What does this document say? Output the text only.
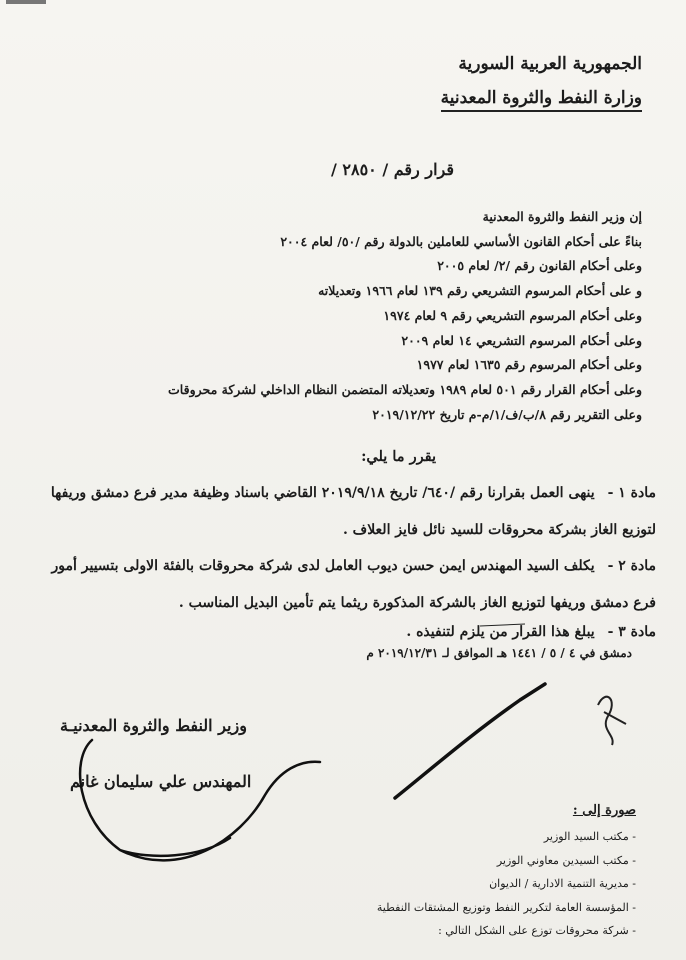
الجمهورية العربية السورية
وزارة النفط والثروة المعدنية
قرار رقم / ٢٨٥٠ /
إن وزير النفط والثروة المعدنية
بناءً على أحكام القانون الأساسي للعاملين بالدولة رقم /٥٠/ لعام ٢٠٠٤
وعلى أحكام القانون رقم /٢/ لعام ٢٠٠٥
و على أحكام المرسوم التشريعي رقم ١٣٩ لعام ١٩٦٦ وتعديلاته
وعلى أحكام المرسوم التشريعي رقم ٩ لعام ١٩٧٤
وعلى أحكام المرسوم التشريعي ١٤ لعام ٢٠٠٩
وعلى أحكام المرسوم رقم ١٦٣٥ لعام ١٩٧٧
وعلى أحكام القرار رقم ٥٠١ لعام ١٩٨٩ وتعديلاته المتضمن النظام الداخلي لشركة محروقات
وعلى التقرير رقم ٨/ب/ف/١/م-م تاريخ ٢٠١٩/١٢/٢٢
يقرر ما يلي:
مادة ١ - ينهى العمل بقرارنا رقم /٦٤٠/ تاريخ ٢٠١٩/٩/١٨ القاضي باسناد وظيفة مدير فرع دمشق وريفها لتوزيع الغاز بشركة محروقات للسيد نائل فايز العلاف .
مادة ٢ - يكلف السيد المهندس ايمن حسن ديوب العامل لدى شركة محروقات بالفئة الاولى بتسيير أمور فرع دمشق وريفها لتوزيع الغاز بالشركة المذكورة ريثما يتم تأمين البديل المناسب .
مادة ٣ - يبلغ هذا القرار من يلزم لتنفيذه .
دمشق في ٤ / ٥ / ١٤٤١ هـ الموافق لـ ٢٠١٩/١٢/٣١ م
وزير النفط والثروة المعدنيـة
المهندس علي سليمان غانم
صورة إلى :
- مكتب السيد الوزير
- مكتب السيدين معاوني الوزير
- مديرية التنمية الادارية / الديوان
- المؤسسة العامة لتكرير النفط وتوزيع المشتقات النفطية
- شركة محروقات توزع على الشكل التالي :
